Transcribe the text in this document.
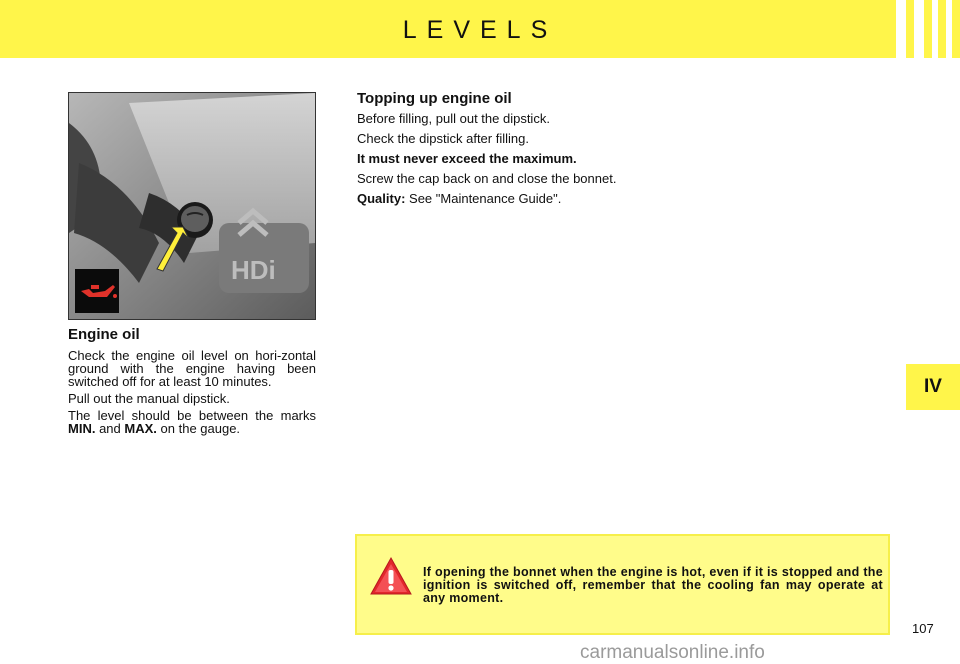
LEVELS
HDi

Engine oil

Check the engine oil level on hori-zontal ground with the engine having been switched off for at least 10 minutes.

Pull out the manual dipstick.

The level should be between the marks MIN. and MAX. on the gauge.

Topping up engine oil

Before filling, pull out the dipstick.

Check the dipstick after filling.

It must never exceed the maximum.

Screw the cap back on and close the bonnet.

Quality: See "Maintenance Guide".

IV
If opening the bonnet when the engine is hot, even if it is stopped and the ignition is switched off, remember that the cooling fan may operate at any moment.
107
carmanualsonline.info
